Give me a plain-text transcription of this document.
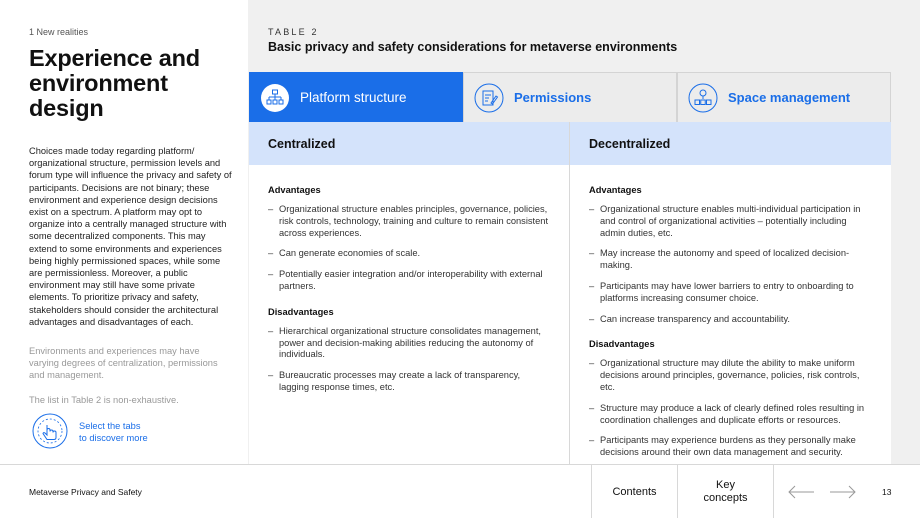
1 New realities
Experience and environment design

Choices made today regarding platform/ organizational structure, permission levels and forum type will influence the privacy and safety of participants. Decisions are not binary; these environment and experience design decisions exist on a spectrum. A platform may opt to organize into a centrally managed structure with some decentralized components. This may extend to some environments and experiences being highly permissioned spaces, while some are permissionless. Moreover, a public environment may still have some private elements. To prioritize privacy and safety, stakeholders should consider the architectural advantages and disadvantages of each.

Environments and experiences may have varying degrees of centralization, permissions and management.

The list in Table 2 is non-exhaustive.

Select the tabs
to discover more
TABLE 2
Basic privacy and safety considerations for metaverse environments
Platform structure	Permissions	Space management
Centralized
Advantages
– Organizational structure enables principles, governance, policies, risk controls, technology, training and culture to remain consistent across experiences.
– Can generate economies of scale.
– Potentially easier integration and/or interoperability with external partners.
Disadvantages
– Hierarchical organizational structure consolidates management, power and decision-making abilities reducing the autonomy of individuals.
– Bureaucratic processes may create a lack of transparency, lagging response times, etc.
Decentralized
Advantages
– Organizational structure enables multi-individual participation in and control of organizational activities – potentially including admin duties, etc.
– May increase the autonomy and speed of localized decision-making.
– Participants may have lower barriers to entry to onboarding to platforms increasing consumer choice.
– Can increase transparency and accountability.
Disadvantages
– Organizational structure may dilute the ability to make uniform decisions around principles, governance, policies, risk controls, etc.
– Structure may produce a lack of clearly defined roles resulting in coordination challenges and duplicate efforts or resources.
– Participants may experience burdens as they personally make decisions around their own data management and security.
Metaverse Privacy and Safety	Contents
Key
concepts	13
